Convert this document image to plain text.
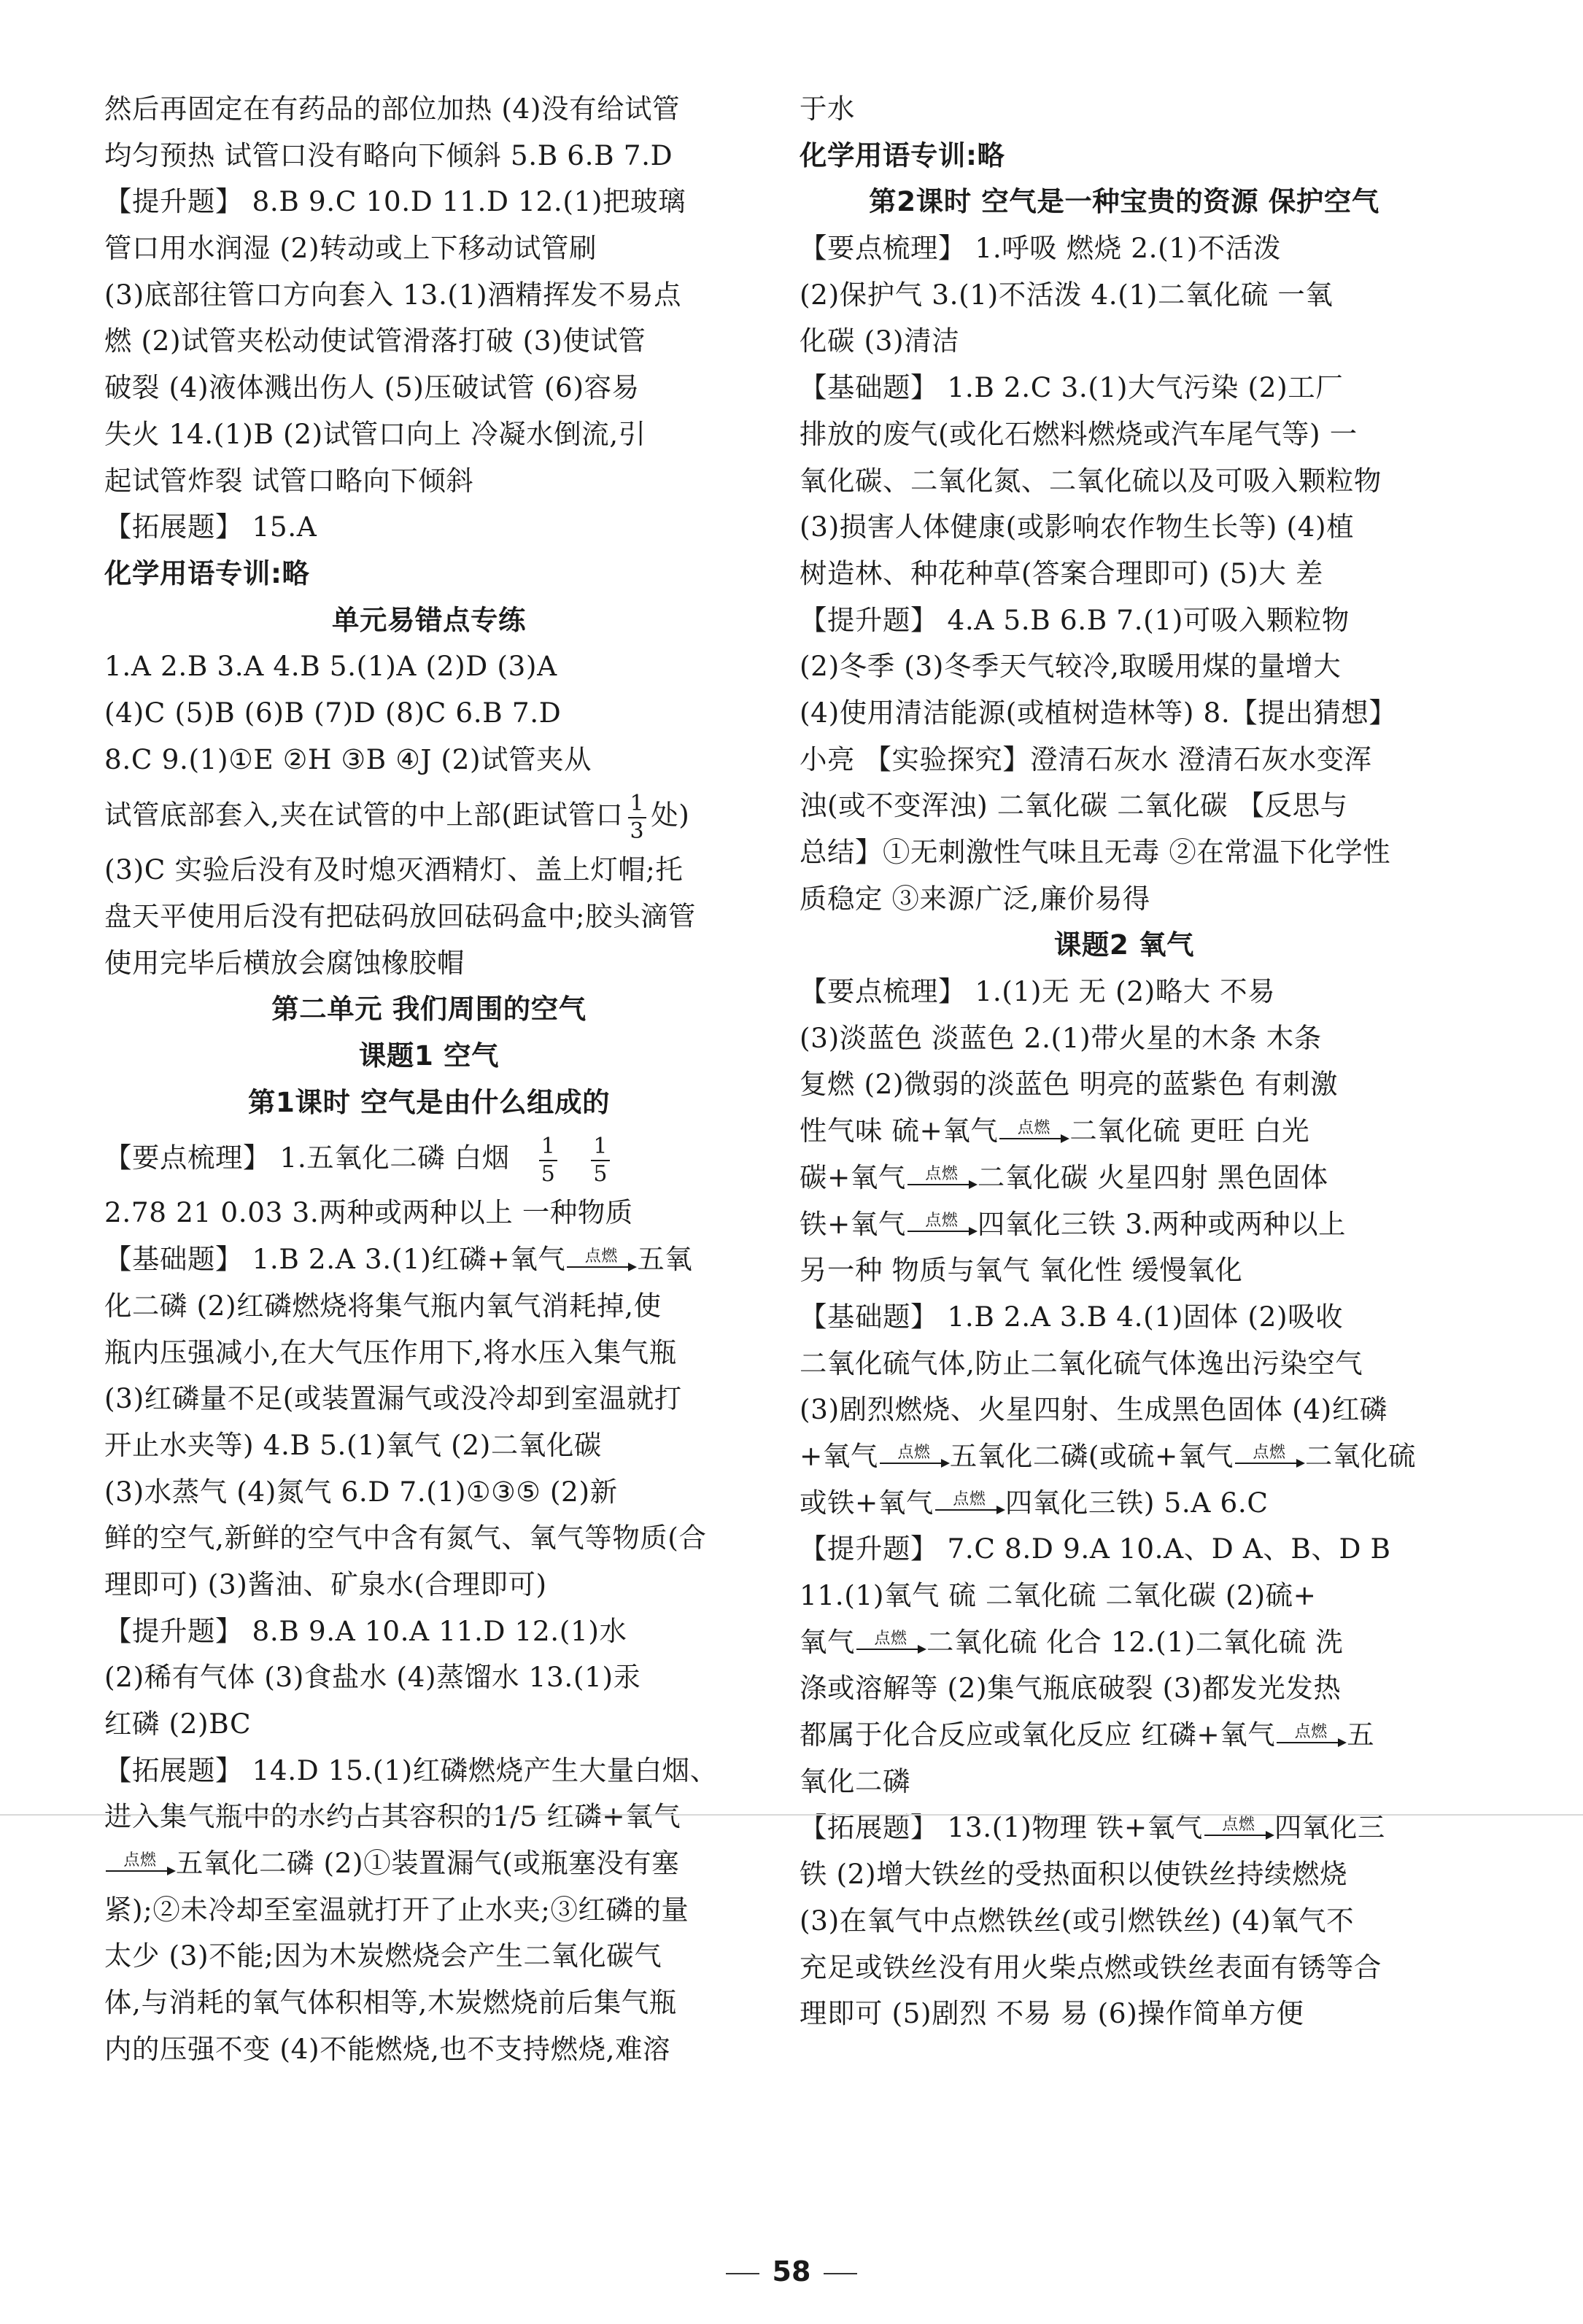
然后再固定在有药品的部位加热 (4)没有给试管
均匀预热 试管口没有略向下倾斜 5.B 6.B 7.D
【提升题】 8.B 9.C 10.D 11.D 12.(1)把玻璃
管口用水润湿 (2)转动或上下移动试管刷
(3)底部往管口方向套入 13.(1)酒精挥发不易点
燃 (2)试管夹松动使试管滑落打破 (3)使试管
破裂 (4)液体溅出伤人 (5)压破试管 (6)容易
失火 14.(1)B (2)试管口向上 冷凝水倒流,引
起试管炸裂 试管口略向下倾斜
【拓展题】 15.A
化学用语专训:略
单元易错点专练
1.A 2.B 3.A 4.B 5.(1)A (2)D (3)A
(4)C (5)B (6)B (7)D (8)C 6.B 7.D
8.C 9.(1)①E ②H ③B ④J (2)试管夹从
试管底部套入,夹在试管的中上部(距试管口 $\frac{1}{3}$ 处)
(3)C 实验后没有及时熄灭酒精灯、盖上灯帽;托
盘天平使用后没有把砝码放回砝码盒中;胶头滴管
使用完毕后横放会腐蚀橡胶帽
第二单元 我们周围的空气
课题1 空气
第1课时 空气是由什么组成的
【要点梳理】 1.五氧化二磷 白烟 $\frac{1}{5} \frac{1}{5}$
2.78 21 0.03 3.两种或两种以上 一种物质
【基础题】 1.B 2.A 3.(1)红磷+氧气 点燃 五氧
化二磷 (2)红磷燃烧将集气瓶内氧气消耗掉,使
瓶内压强减小,在大气压作用下,将水压入集气瓶
(3)红磷量不足(或装置漏气或没冷却到室温就打
开止水夹等) 4.B 5.(1)氧气 (2)二氧化碳
(3)水蒸气 (4)氮气 6.D 7.(1)①③⑤ (2)新
鲜的空气,新鲜的空气中含有氮气、氧气等物质(合
理即可) (3)酱油、矿泉水(合理即可)
【提升题】 8.B 9.A 10.A 11.D 12.(1)水
(2)稀有气体 (3)食盐水 (4)蒸馏水 13.(1)汞
红磷 (2)BC
【拓展题】 14.D 15.(1)红磷燃烧产生大量白烟、
进入集气瓶中的水约占其容积的1/5 红磷+氧气
点燃 五氧化二磷 (2)①装置漏气(或瓶塞没有塞
紧);②未冷却至室温就打开了止水夹;③红磷的量
太少 (3)不能;因为木炭燃烧会产生二氧化碳气
体,与消耗的氧气体积相等,木炭燃烧前后集气瓶
内的压强不变 (4)不能燃烧,也不支持燃烧,难溶
于水
化学用语专训:略
第2课时 空气是一种宝贵的资源 保护空气
【要点梳理】 1.呼吸 燃烧 2.(1)不活泼
(2)保护气 3.(1)不活泼 4.(1)二氧化硫 一氧
化碳 (3)清洁
【基础题】 1.B 2.C 3.(1)大气污染 (2)工厂
排放的废气(或化石燃料燃烧或汽车尾气等) 一
氧化碳、二氧化氮、二氧化硫以及可吸入颗粒物
(3)损害人体健康(或影响农作物生长等) (4)植
树造林、种花种草(答案合理即可) (5)大 差
【提升题】 4.A 5.B 6.B 7.(1)可吸入颗粒物
(2)冬季 (3)冬季天气较冷,取暖用煤的量增大
(4)使用清洁能源(或植树造林等) 8.【提出猜想】
小亮 【实验探究】澄清石灰水 澄清石灰水变浑
浊(或不变浑浊) 二氧化碳 二氧化碳 【反思与
总结】①无刺激性气味且无毒 ②在常温下化学性
质稳定 ③来源广泛,廉价易得
课题2 氧气
【要点梳理】 1.(1)无 无 (2)略大 不易
(3)淡蓝色 淡蓝色 2.(1)带火星的木条 木条
复燃 (2)微弱的淡蓝色 明亮的蓝紫色 有刺激
性气味 硫+氧气 点燃 二氧化硫 更旺 白光
碳+氧气 点燃 二氧化碳 火星四射 黑色固体
铁+氧气 点燃 四氧化三铁 3.两种或两种以上
另一种 物质与氧气 氧化性 缓慢氧化
【基础题】 1.B 2.A 3.B 4.(1)固体 (2)吸收
二氧化硫气体,防止二氧化硫气体逸出污染空气
(3)剧烈燃烧、火星四射、生成黑色固体 (4)红磷
+氧气 点燃 五氧化二磷(或硫+氧气 点燃 二氧化硫
或铁+氧气 点燃 四氧化三铁) 5.A 6.C
【提升题】 7.C 8.D 9.A 10.A、D A、B、D B
11.(1)氧气 硫 二氧化硫 二氧化碳 (2)硫+
氧气 点燃 二氧化硫 化合 12.(1)二氧化硫 洗
涤或溶解等 (2)集气瓶底破裂 (3)都发光发热
都属于化合反应或氧化反应 红磷+氧气 点燃 五
氧化二磷
【拓展题】 13.(1)物理 铁+氧气 点燃 四氧化三
铁 (2)增大铁丝的受热面积以使铁丝持续燃烧
(3)在氧气中点燃铁丝(或引燃铁丝) (4)氧气不
充足或铁丝没有用火柴点燃或铁丝表面有锈等合
理即可 (5)剧烈 不易 易 (6)操作简单方便
58
